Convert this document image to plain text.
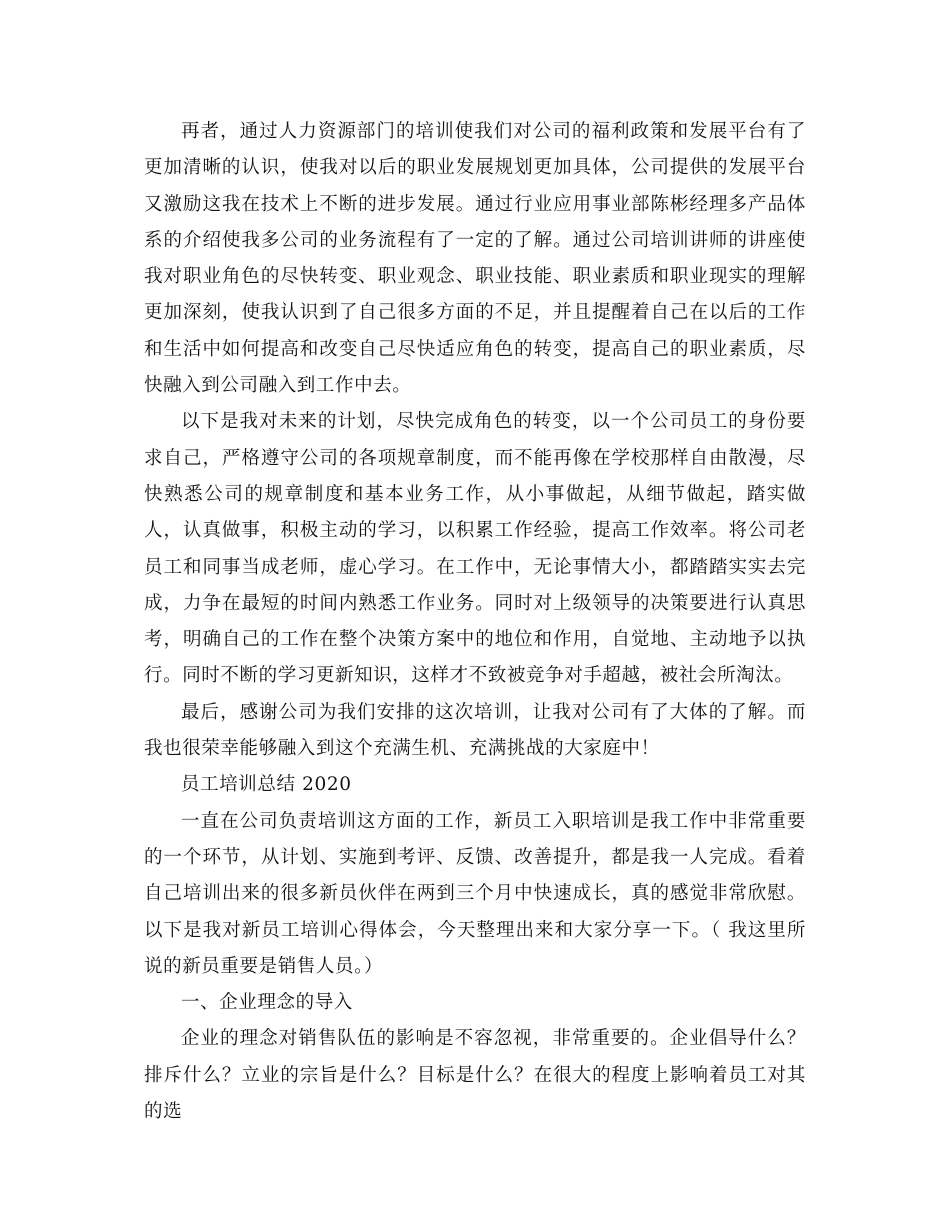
再者，通过人力资源部门的培训使我们对公司的福利政策和发展平台有了更加清晰的认识，使我对以后的职业发展规划更加具体，公司提供的发展平台又激励这我在技术上不断的进步发展。通过行业应用事业部陈彬经理多产品体系的介绍使我多公司的业务流程有了一定的了解。通过公司培训讲师的讲座使我对职业角色的尽快转变、职业观念、职业技能、职业素质和职业现实的理解更加深刻，使我认识到了自己很多方面的不足，并且提醒着自己在以后的工作和生活中如何提高和改变自己尽快适应角色的转变，提高自己的职业素质，尽快融入到公司融入到工作中去。

以下是我对未来的计划，尽快完成角色的转变，以一个公司员工的身份要求自己，严格遵守公司的各项规章制度，而不能再像在学校那样自由散漫，尽快熟悉公司的规章制度和基本业务工作，从小事做起，从细节做起，踏实做人，认真做事，积极主动的学习，以积累工作经验，提高工作效率。将公司老员工和同事当成老师，虚心学习。在工作中，无论事情大小，都踏踏实实去完成，力争在最短的时间内熟悉工作业务。同时对上级领导的决策要进行认真思考，明确自己的工作在整个决策方案中的地位和作用，自觉地、主动地予以执行。同时不断的学习更新知识，这样才不致被竞争对手超越，被社会所淘汰。

最后，感谢公司为我们安排的这次培训，让我对公司有了大体的了解。而我也很荣幸能够融入到这个充满生机、充满挑战的大家庭中！

员工培训总结 2020

一直在公司负责培训这方面的工作，新员工入职培训是我工作中非常重要的一个环节，从计划、实施到考评、反馈、改善提升，都是我一人完成。看着自己培训出来的很多新员伙伴在两到三个月中快速成长，真的感觉非常欣慰。以下是我对新员工培训心得体会，今天整理出来和大家分享一下。（ 我这里所说的新员重要是销售人员。）

一、企业理念的导入

企业的理念对销售队伍的影响是不容忽视，非常重要的。企业倡导什么？排斥什么？立业的宗旨是什么？目标是什么？在很大的程度上影响着员工对其的选
